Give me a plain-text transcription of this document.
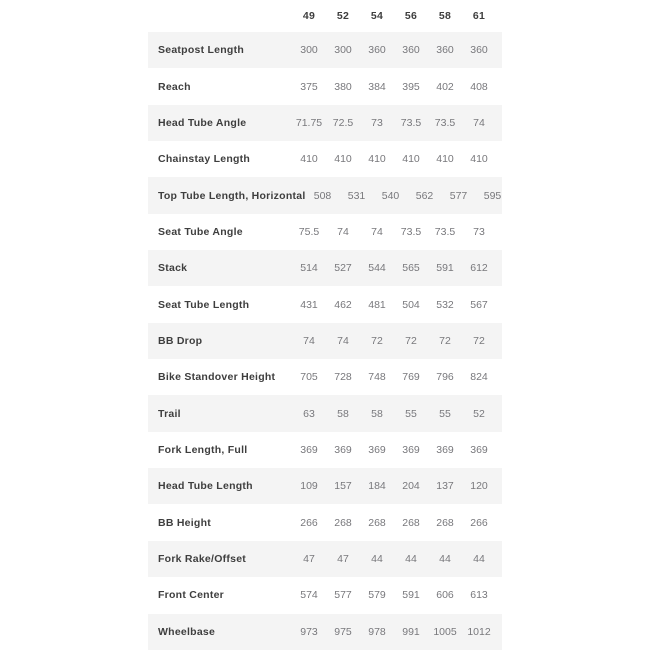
49	52	54	56	58	61
Seatpost Length	300	300	360	360	360	360
Reach	375	380	384	395	402	408
Head Tube Angle	71.75	72.5	73	73.5	73.5	74
Chainstay Length	410	410	410	410	410	410
Top Tube Length, Horizontal 508	531	540	562	577	595
Seat Tube Angle	75.5	74	74	73.5	73.5	73
Stack	514	527	544	565	591	612
Seat Tube Length	431	462	481	504	532	567
BB Drop	74	74	72	72	72	72
Bike Standover Height	705	728	748	769	796	824
Trail	63	58	58	55	55	52
Fork Length, Full	369	369	369	369	369	369
Head Tube Length	109	157	184	204	137	120
BB Height	266	268	268	268	268	266
Fork Rake/Offset	47	47	44	44	44	44
Front Center	574	577	579	591	606	613
Wheelbase	973	975	978	991	1005	1012
